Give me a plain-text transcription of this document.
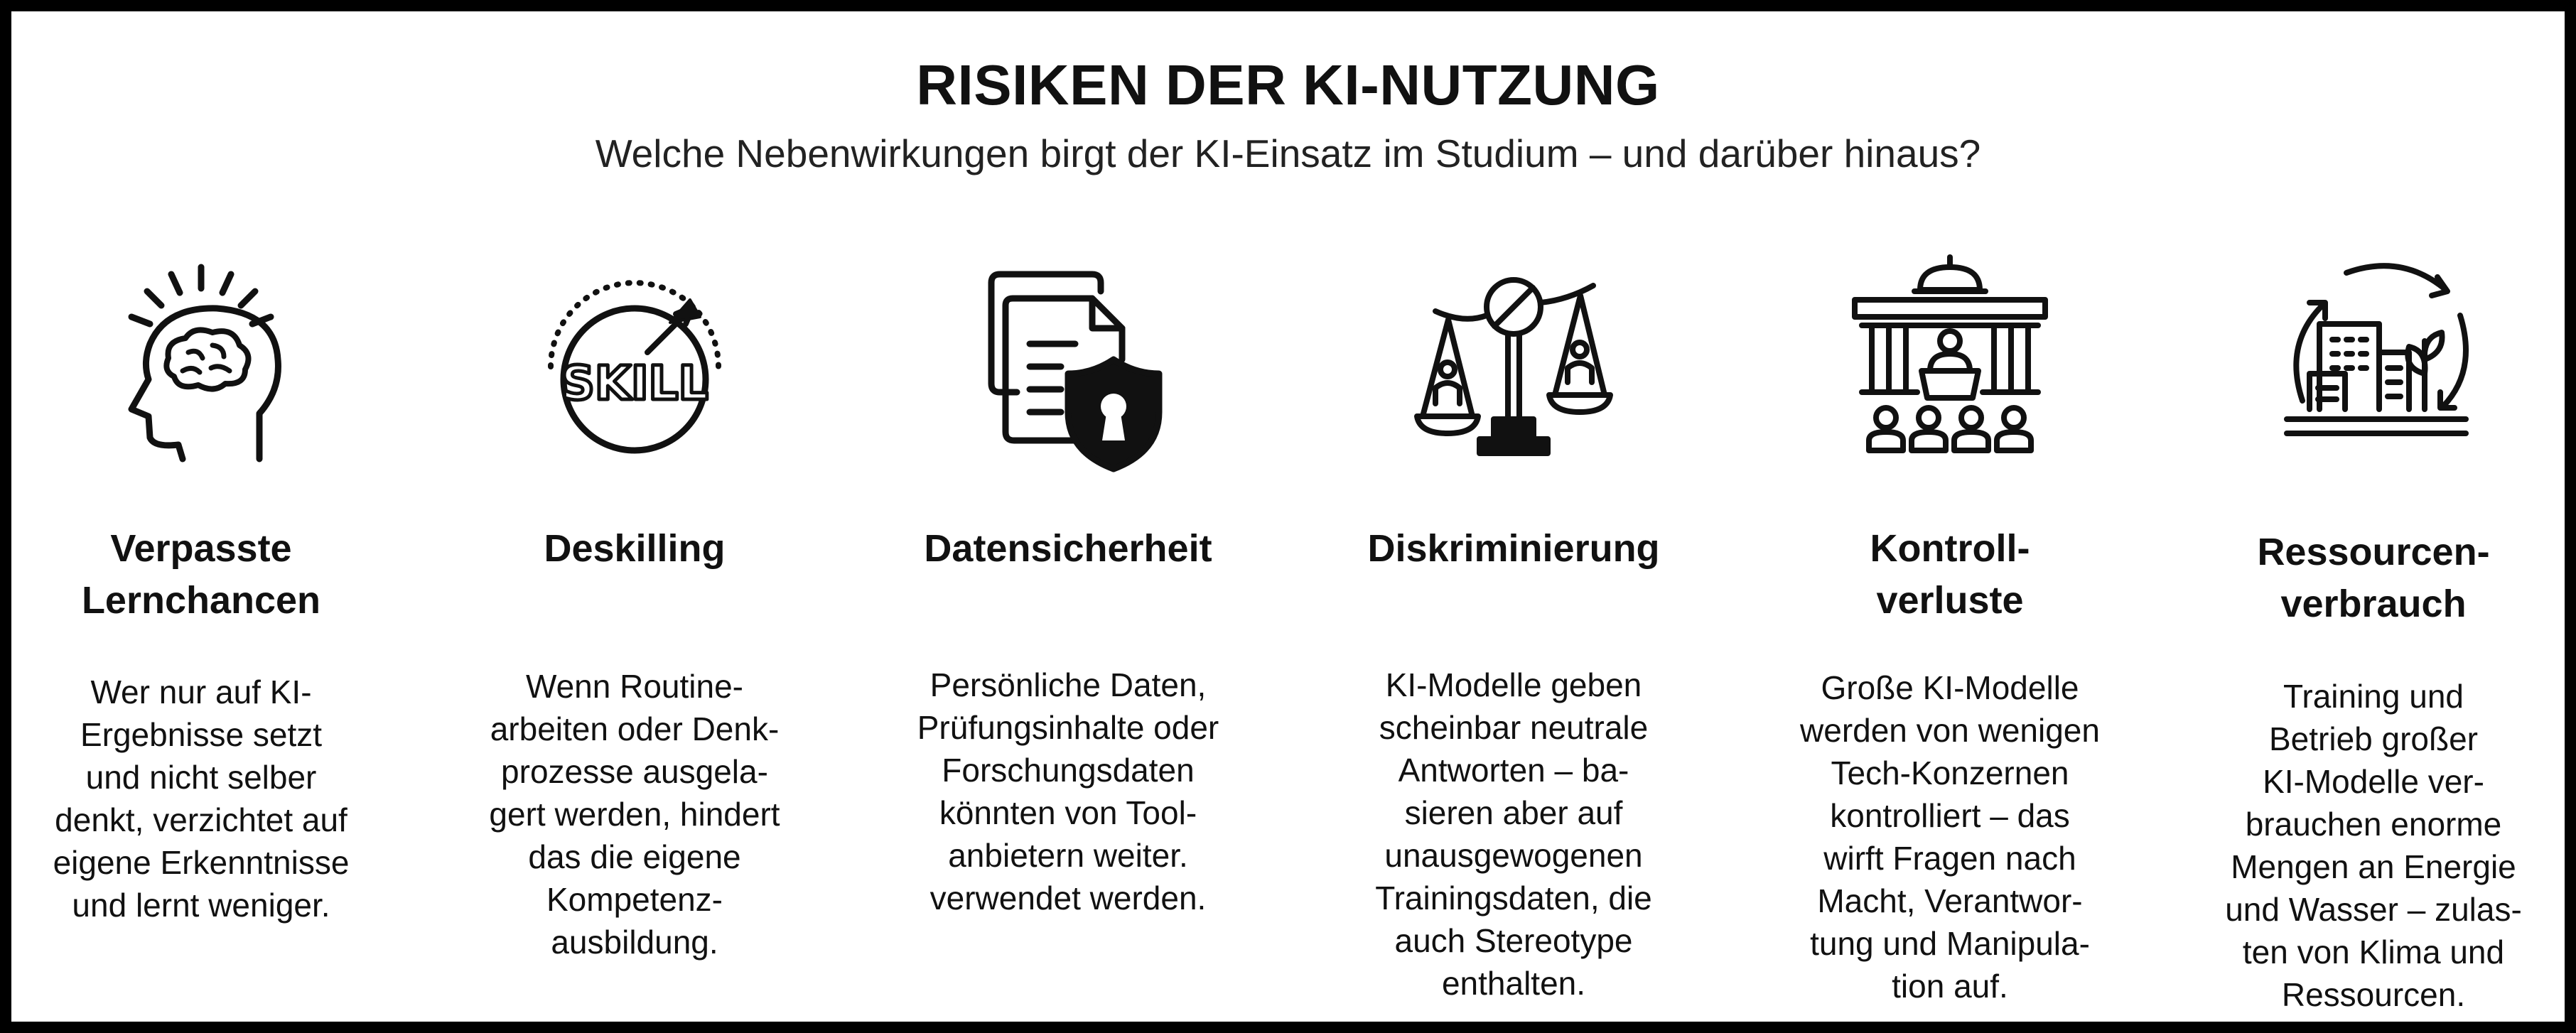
RISIKEN DER KI-NUTZUNG
Welche Nebenwirkungen birgt der KI-Einsatz im Studium – und darüber hinaus?
Verpasste
Lernchancen
Wer nur auf KI-
Ergebnisse setzt
und nicht selber
denkt, verzichtet auf
eigene Erkenntnisse
und lernt weniger.
SKILL
Deskilling
Wenn Routine-
arbeiten oder Denk-
prozesse ausgela-
gert werden, hindert
das die eigene
Kompetenz-
ausbildung.
Datensicherheit
Persönliche Daten,
Prüfungsinhalte oder
Forschungsdaten
könnten von Tool-
anbietern weiter.
verwendet werden.
Diskriminierung
KI-Modelle geben
scheinbar neutrale
Antworten – ba-
sieren aber auf
unausgewogenen
Trainingsdaten, die
auch Stereotype
enthalten.
Kontroll-
verluste
Große KI-Modelle
werden von wenigen
Tech-Konzernen
kontrolliert – das
wirft Fragen nach
Macht, Verantwor-
tung und Manipula-
tion auf.
Ressourcen-
verbrauch
Training und
Betrieb großer
KI-Modelle ver-
brauchen enorme
Mengen an Energie
und Wasser – zulas-
ten von Klima und
Ressourcen.
